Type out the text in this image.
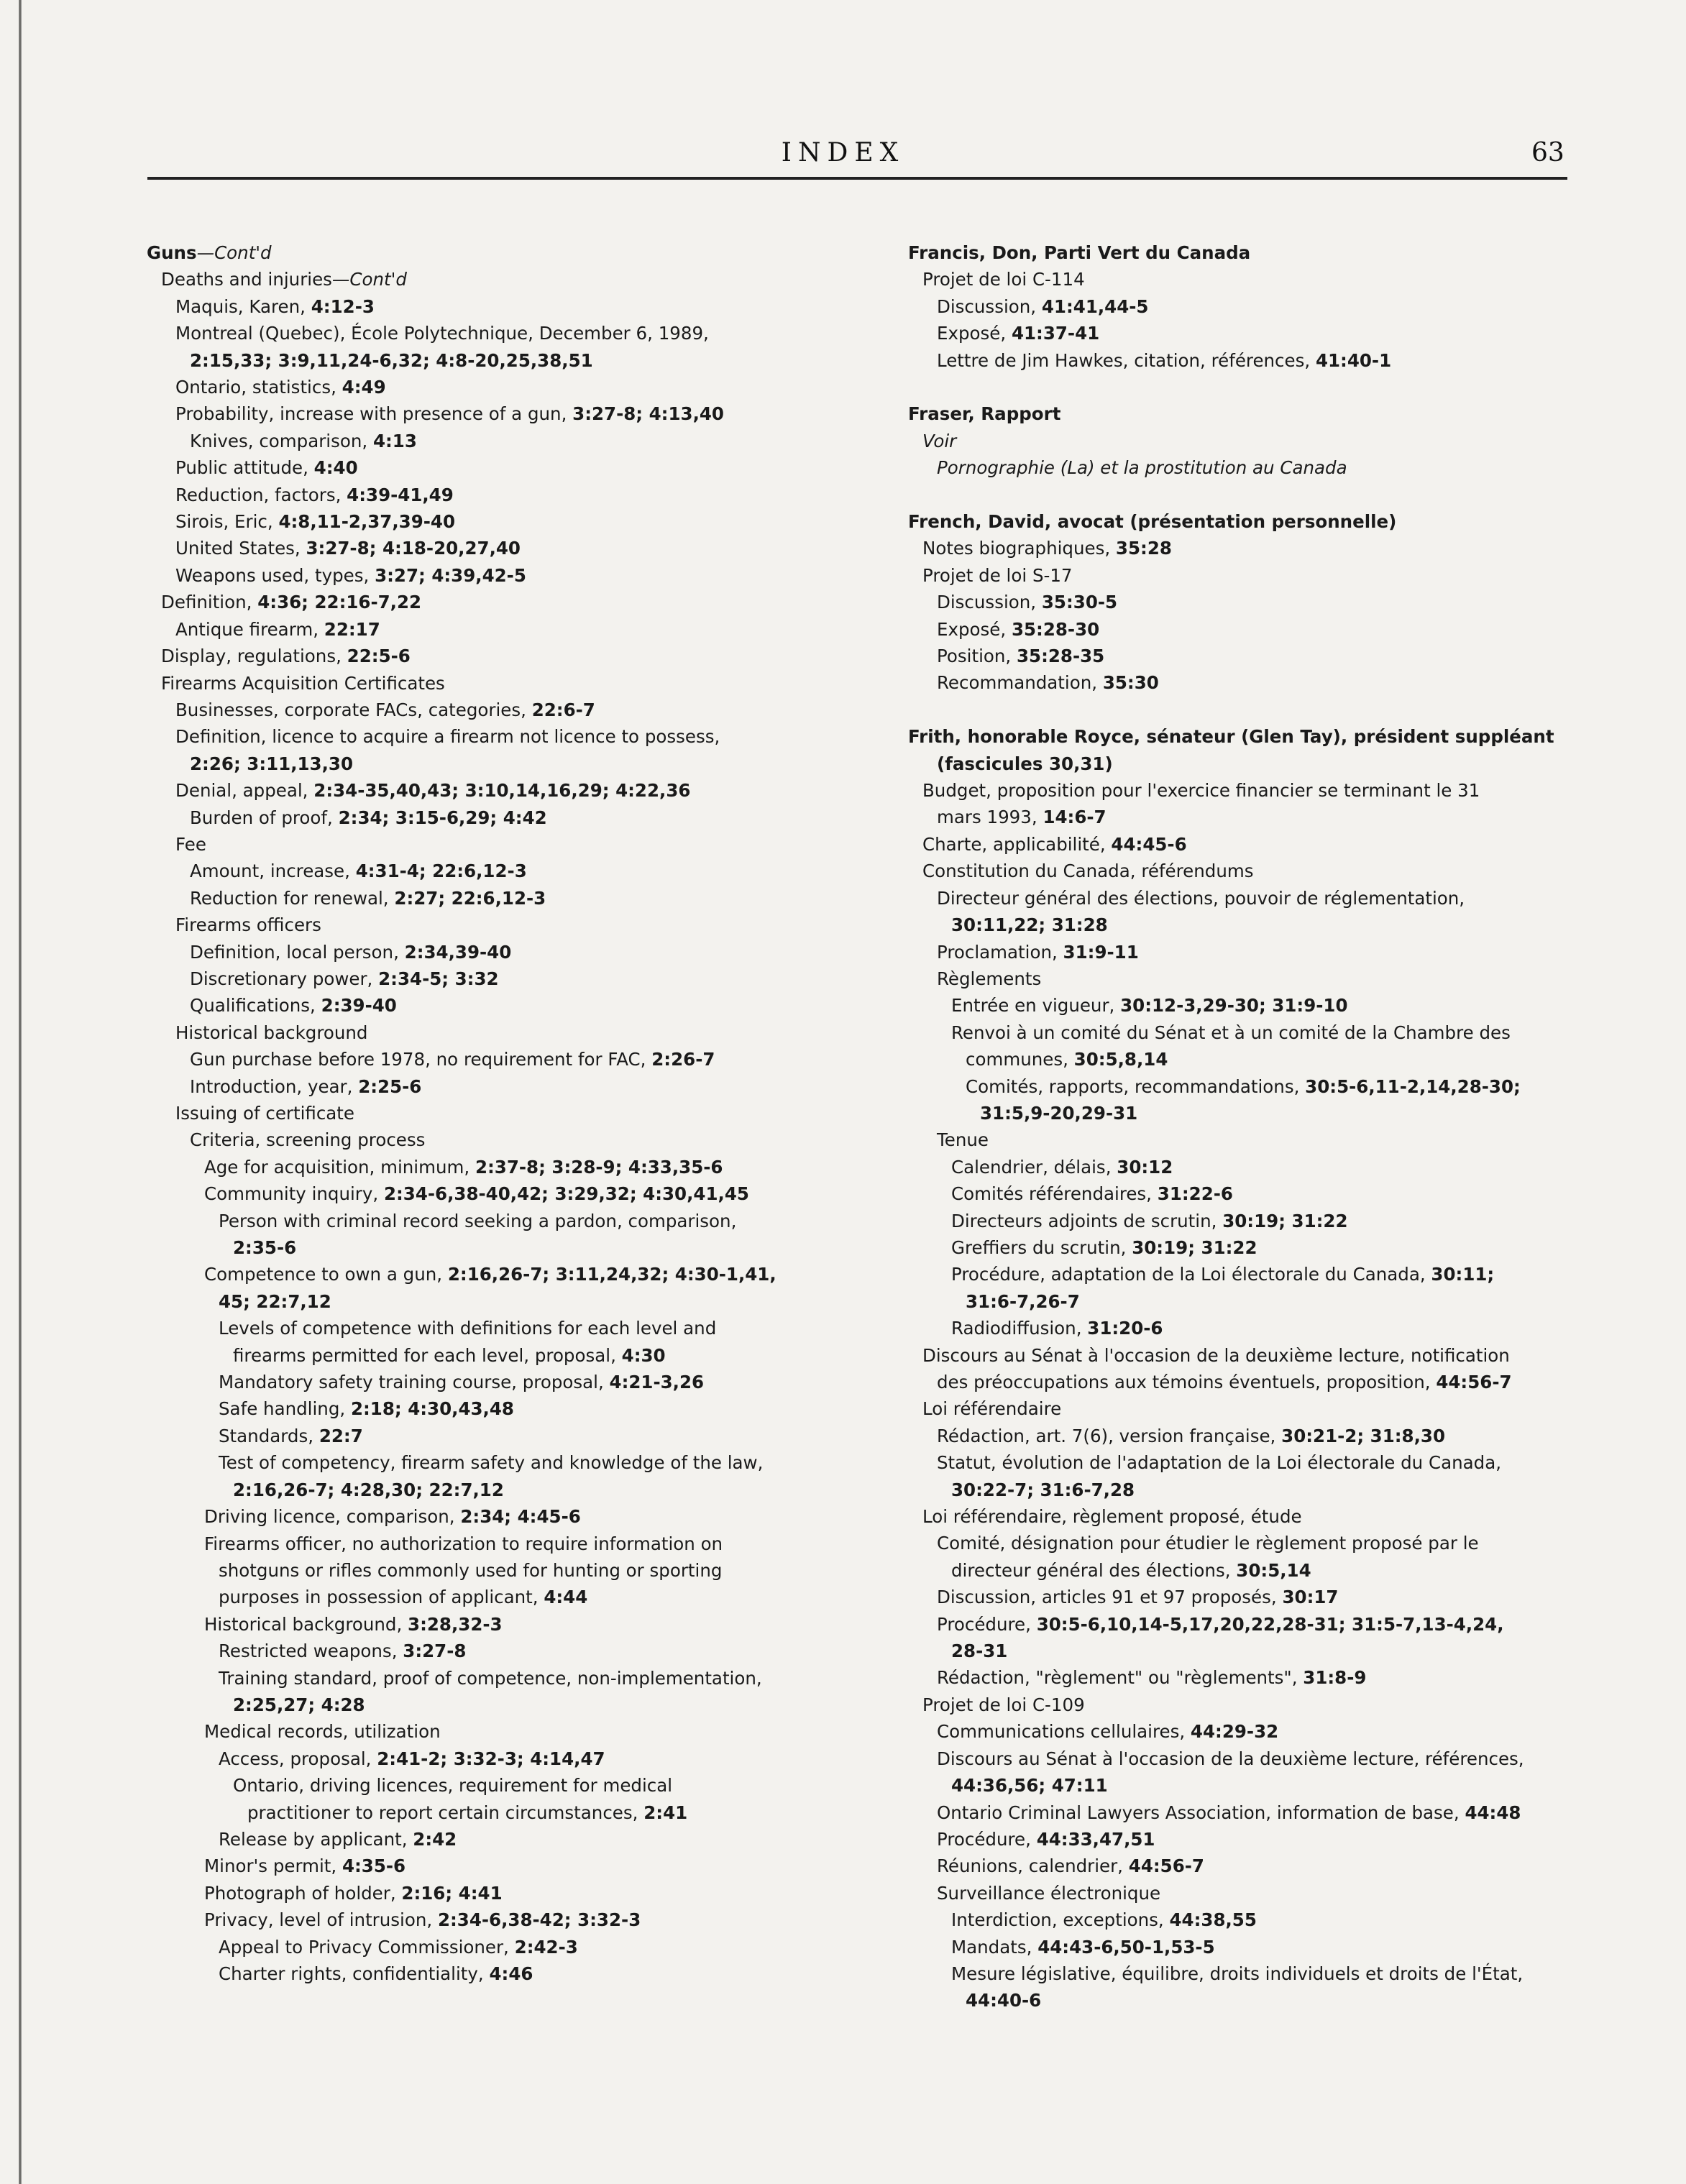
INDEX	63
Guns—Cont'd
Deaths and injuries—Cont'd
Maquis, Karen, 4:12-3
Montreal (Quebec), École Polytechnique, December 6, 1989,
2:15,33; 3:9,11,24-6,32; 4:8-20,25,38,51
Ontario, statistics, 4:49
Probability, increase with presence of a gun, 3:27-8; 4:13,40
Knives, comparison, 4:13
Public attitude, 4:40
Reduction, factors, 4:39-41,49
Sirois, Eric, 4:8,11-2,37,39-40
United States, 3:27-8; 4:18-20,27,40
Weapons used, types, 3:27; 4:39,42-5
Definition, 4:36; 22:16-7,22
Antique firearm, 22:17
Display, regulations, 22:5-6
Firearms Acquisition Certificates
Businesses, corporate FACs, categories, 22:6-7
Definition, licence to acquire a firearm not licence to possess,
2:26; 3:11,13,30
Denial, appeal, 2:34-35,40,43; 3:10,14,16,29; 4:22,36
Burden of proof, 2:34; 3:15-6,29; 4:42
Fee
Amount, increase, 4:31-4; 22:6,12-3
Reduction for renewal, 2:27; 22:6,12-3
Firearms officers
Definition, local person, 2:34,39-40
Discretionary power, 2:34-5; 3:32
Qualifications, 2:39-40
Historical background
Gun purchase before 1978, no requirement for FAC, 2:26-7
Introduction, year, 2:25-6
Issuing of certificate
Criteria, screening process
Age for acquisition, minimum, 2:37-8; 3:28-9; 4:33,35-6
Community inquiry, 2:34-6,38-40,42; 3:29,32; 4:30,41,45
Person with criminal record seeking a pardon, comparison,
2:35-6
Competence to own a gun, 2:16,26-7; 3:11,24,32; 4:30-1,41,
45; 22:7,12
Levels of competence with definitions for each level and
firearms permitted for each level, proposal, 4:30
Mandatory safety training course, proposal, 4:21-3,26
Safe handling, 2:18; 4:30,43,48
Standards, 22:7
Test of competency, firearm safety and knowledge of the law,
2:16,26-7; 4:28,30; 22:7,12
Driving licence, comparison, 2:34; 4:45-6
Firearms officer, no authorization to require information on
shotguns or rifles commonly used for hunting or sporting
purposes in possession of applicant, 4:44
Historical background, 3:28,32-3
Restricted weapons, 3:27-8
Training standard, proof of competence, non-implementation,
2:25,27; 4:28
Medical records, utilization
Access, proposal, 2:41-2; 3:32-3; 4:14,47
Ontario, driving licences, requirement for medical
practitioner to report certain circumstances, 2:41
Release by applicant, 2:42
Minor's permit, 4:35-6
Photograph of holder, 2:16; 4:41
Privacy, level of intrusion, 2:34-6,38-42; 3:32-3
Appeal to Privacy Commissioner, 2:42-3
Charter rights, confidentiality, 4:46
Francis, Don, Parti Vert du Canada
Projet de loi C-114
Discussion, 41:41,44-5
Exposé, 41:37-41
Lettre de Jim Hawkes, citation, références, 41:40-1
Fraser, Rapport
Voir
Pornographie (La) et la prostitution au Canada
French, David, avocat (présentation personnelle)
Notes biographiques, 35:28
Projet de loi S-17
Discussion, 35:30-5
Exposé, 35:28-30
Position, 35:28-35
Recommandation, 35:30
Frith, honorable Royce, sénateur (Glen Tay), président suppléant
(fascicules 30,31)
Budget, proposition pour l'exercice financier se terminant le 31
mars 1993, 14:6-7
Charte, applicabilité, 44:45-6
Constitution du Canada, référendums
Directeur général des élections, pouvoir de réglementation,
30:11,22; 31:28
Proclamation, 31:9-11
Règlements
Entrée en vigueur, 30:12-3,29-30; 31:9-10
Renvoi à un comité du Sénat et à un comité de la Chambre des
communes, 30:5,8,14
Comités, rapports, recommandations, 30:5-6,11-2,14,28-30;
31:5,9-20,29-31
Tenue
Calendrier, délais, 30:12
Comités référendaires, 31:22-6
Directeurs adjoints de scrutin, 30:19; 31:22
Greffiers du scrutin, 30:19; 31:22
Procédure, adaptation de la Loi électorale du Canada, 30:11;
31:6-7,26-7
Radiodiffusion, 31:20-6
Discours au Sénat à l'occasion de la deuxième lecture, notification
des préoccupations aux témoins éventuels, proposition, 44:56-7
Loi référendaire
Rédaction, art. 7(6), version française, 30:21-2; 31:8,30
Statut, évolution de l'adaptation de la Loi électorale du Canada,
30:22-7; 31:6-7,28
Loi référendaire, règlement proposé, étude
Comité, désignation pour étudier le règlement proposé par le
directeur général des élections, 30:5,14
Discussion, articles 91 et 97 proposés, 30:17
Procédure, 30:5-6,10,14-5,17,20,22,28-31; 31:5-7,13-4,24,
28-31
Rédaction, "règlement" ou "règlements", 31:8-9
Projet de loi C-109
Communications cellulaires, 44:29-32
Discours au Sénat à l'occasion de la deuxième lecture, références,
44:36,56; 47:11
Ontario Criminal Lawyers Association, information de base, 44:48
Procédure, 44:33,47,51
Réunions, calendrier, 44:56-7
Surveillance électronique
Interdiction, exceptions, 44:38,55
Mandats, 44:43-6,50-1,53-5
Mesure législative, équilibre, droits individuels et droits de l'État,
44:40-6
